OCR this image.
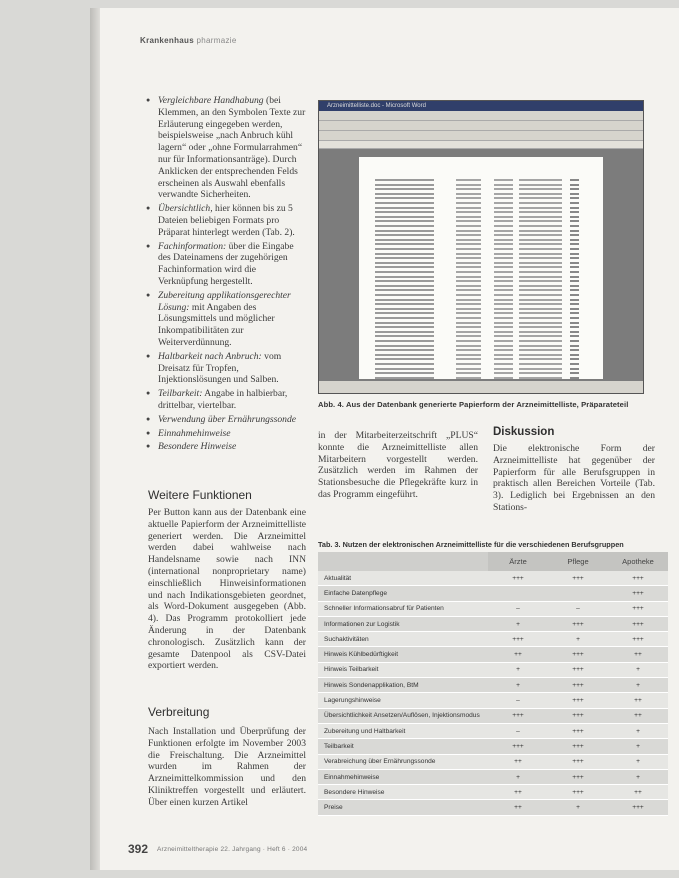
Krankenhaus pharmazie
● Vergleichbare Handhabung (bei Klemmen, an den Symbolen Texte zur Erläuterung eingegeben werden, beispielsweise „nach Anbruch kühl lagern“ oder „ohne Formularrahmen“ nur für Informationsanträge). Durch Anklicken der entsprechenden Felds erscheinen als Auswahl ebenfalls verwandte Sicherheiten.
● Übersichtlich, hier können bis zu 5 Dateien beliebigen Formats pro Präparat hinterlegt werden (Tab. 2).
● Fachinformation: über die Eingabe des Dateinamens der zugehörigen Fachinformation wird die Verknüpfung hergestellt.
● Zubereitung applikationsgerechter Lösung: mit Angaben des Lösungsmittels und möglicher Inkompatibilitäten zur Weiterverdünnung.
● Haltbarkeit nach Anbruch: vom Dreisatz für Tropfen, Injektionslösungen und Salben.
● Teilbarkeit: Angabe in halbierbar, drittelbar, viertelbar.
● Verwendung über Ernährungssonde
● Einnahmehinweise
● Besondere Hinweise
Weitere Funktionen

Per Button kann aus der Datenbank eine aktuelle Papierform der Arzneimittelliste generiert werden. Die Arzneimittel werden dabei wahlweise nach Handelsname sowie nach INN (international nonproprietary name) einschließlich Hinweisinformationen und nach Indikationsgebieten geordnet, als Word-Dokument ausgegeben (Abb. 4). Das Programm protokolliert jede Änderung in der Datenbank chronologisch. Zusätzlich kann der gesamte Datenpool als CSV-Datei exportiert werden.

Verbreitung

Nach Installation und Überprüfung der Funktionen erfolgte im November 2003 die Freischaltung. Die Arzneimittel wurden im Rahmen der Arzneimittelkommission und den Kliniktreffen vorgestellt und erläutert. Über einen kurzen Artikel

Arzneimittelliste.doc - Microsoft Word
Abb. 4. Aus der Datenbank generierte Papierform der Arzneimittelliste, Präparateteil

in der Mitarbeiterzeitschrift „PLUS“ konnte die Arzneimittelliste allen Mitarbeitern vorgestellt werden. Zusätzlich werden im Rahmen der Stationsbesuche die Pflegekräfte kurz in das Programm eingeführt.

Diskussion

Die elektronische Form der Arzneimittelliste hat gegenüber der Papierform für alle Berufsgruppen in praktisch allen Bereichen Vorteile (Tab. 3). Lediglich bei Ergebnissen an den Stations-

Tab. 3. Nutzen der elektronischen Arzneimittelliste für die verschiedenen Berufsgruppen
	Ärzte	Pflege	Apotheke
Aktualität	+++	+++	+++
Einfache Datenpflege			+++
Schneller Informationsabruf für Patienten	–	–	+++
Informationen zur Logistik	+	+++	+++
Suchaktivitäten	+++	+	+++
Hinweis Kühlbedürftigkeit	++	+++	++
Hinweis Teilbarkeit	+	+++	+
Hinweis Sondenapplikation, BtM	+	+++	+
Lagerungshinweise	–	+++	++
Übersichtlichkeit Ansetzen/Auflösen, Injektionsmodus	+++	+++	++
Zubereitung und Haltbarkeit	–	+++	+
Teilbarkeit	+++	+++	+
Verabreichung über Ernährungssonde	++	+++	+
Einnahmehinweise	+	+++	+
Besondere Hinweise	++	+++	++
Preise	++	+	+++
392 Arzneimitteltherapie 22. Jahrgang · Heft 6 · 2004
